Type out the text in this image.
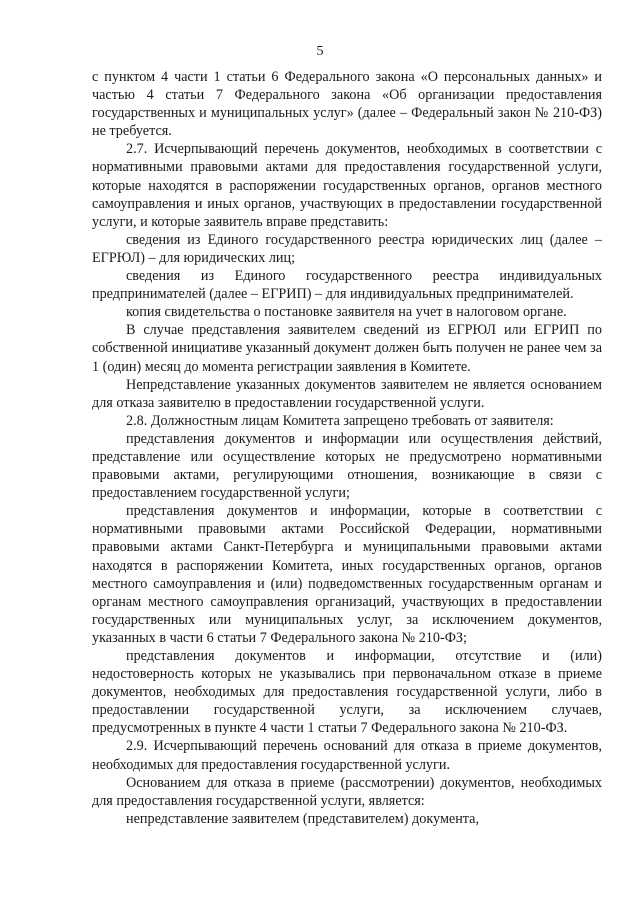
5

с пунктом 4 части 1 статьи 6 Федерального закона «О персональных данных» и частью 4 статьи 7 Федерального закона «Об организации предоставления государственных и муниципальных услуг» (далее – Федеральный закон № 210-ФЗ) не требуется.

2.7. Исчерпывающий перечень документов, необходимых в соответствии с нормативными правовыми актами для предоставления государственной услуги, которые находятся в распоряжении государственных органов, органов местного самоуправления и иных органов, участвующих в предоставлении государственной услуги, и которые заявитель вправе представить:

сведения из Единого государственного реестра юридических лиц (далее – ЕГРЮЛ) – для юридических лиц;

сведения из Единого государственного реестра индивидуальных предпринимателей (далее – ЕГРИП) – для индивидуальных предпринимателей.

копия свидетельства о постановке заявителя на учет в налоговом органе.

В случае представления заявителем сведений из ЕГРЮЛ или ЕГРИП по собственной инициативе указанный документ должен быть получен не ранее чем за 1 (один) месяц до момента регистрации заявления в Комитете.

Непредставление указанных документов заявителем не является основанием для отказа заявителю в предоставлении государственной услуги.

2.8. Должностным лицам Комитета запрещено требовать от заявителя:

представления документов и информации или осуществления действий, представление или осуществление которых не предусмотрено нормативными правовыми актами, регулирующими отношения, возникающие в связи с предоставлением государственной услуги;

представления документов и информации, которые в соответствии с нормативными правовыми актами Российской Федерации, нормативными правовыми актами Санкт-Петербурга и муниципальными правовыми актами находятся в распоряжении Комитета, иных государственных органов, органов местного самоуправления и (или) подведомственных государственным органам и органам местного самоуправления организаций, участвующих в предоставлении государственных или муниципальных услуг, за исключением документов, указанных в части 6 статьи 7 Федерального закона № 210-ФЗ;

представления документов и информации, отсутствие и (или) недостоверность которых не указывались при первоначальном отказе в приеме документов, необходимых для предоставления государственной услуги, либо в предоставлении государственной услуги, за исключением случаев, предусмотренных в пункте 4 части 1 статьи 7 Федерального закона № 210-ФЗ.

2.9. Исчерпывающий перечень оснований для отказа в приеме документов, необходимых для предоставления государственной услуги.

Основанием для отказа в приеме (рассмотрении) документов, необходимых для предоставления государственной услуги, является:

непредставление заявителем (представителем) документа,
